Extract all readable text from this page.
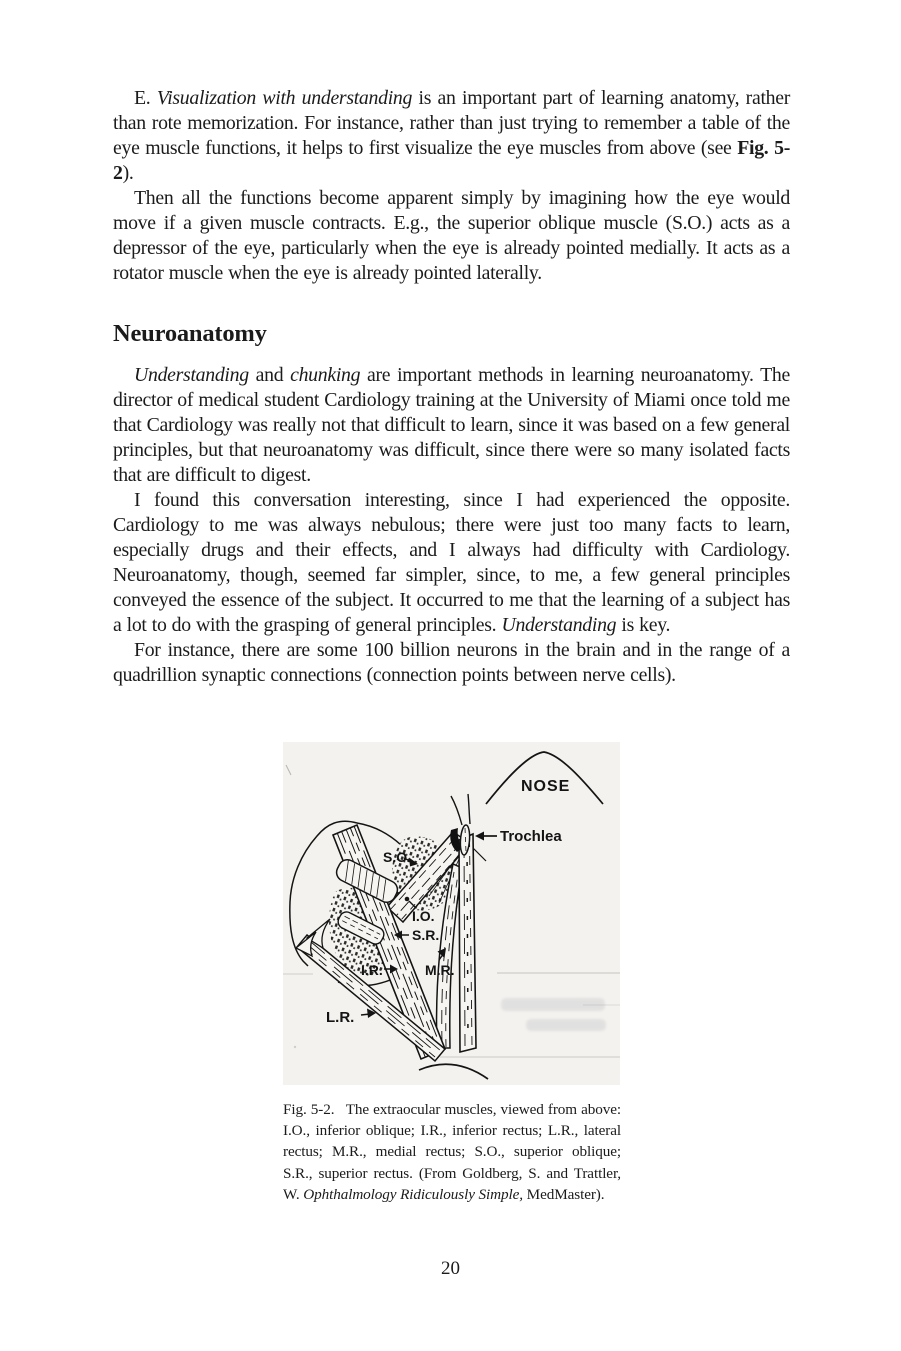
E. Visualization with understanding is an important part of learning anatomy, rather than rote memorization. For instance, rather than just trying to remember a table of the eye muscle functions, it helps to first visualize the eye muscles from above (see Fig. 5-2).

Then all the functions become apparent simply by imagining how the eye would move if a given muscle contracts. E.g., the superior oblique muscle (S.O.) acts as a depressor of the eye, particularly when the eye is already pointed medially. It acts as a rotator muscle when the eye is already pointed laterally.

Neuroanatomy

Understanding and chunking are important methods in learning neuroanatomy. The director of medical student Cardiology training at the University of Miami once told me that Cardiology was really not that difficult to learn, since it was based on a few general principles, but that neuroanatomy was difficult, since there were so many isolated facts that are difficult to digest.

I found this conversation interesting, since I had experienced the opposite. Cardiology to me was always nebulous; there were just too many facts to learn, especially drugs and their effects, and I always had difficulty with Cardiology. Neuroanatomy, though, seemed far simpler, since, to me, a few general principles conveyed the essence of the subject. It occurred to me that the learning of a subject has a lot to do with the grasping of general principles. Understanding is key.

For instance, there are some 100 billion neurons in the brain and in the range of a quadrillion synaptic connections (connection points between nerve cells).

NOSE
Trochlea
S.O.
I.O.
S.R.
I.R.	M.R.
L.R.
Fig. 5-2.  The extraocular muscles, viewed from above: I.O., inferior oblique; I.R., inferior rectus; L.R., lateral rectus; M.R., medial rectus; S.O., superior oblique; S.R., superior rectus. (From Goldberg, S. and Trattler, W. Ophthalmology Ridiculously Simple, MedMaster).
20
